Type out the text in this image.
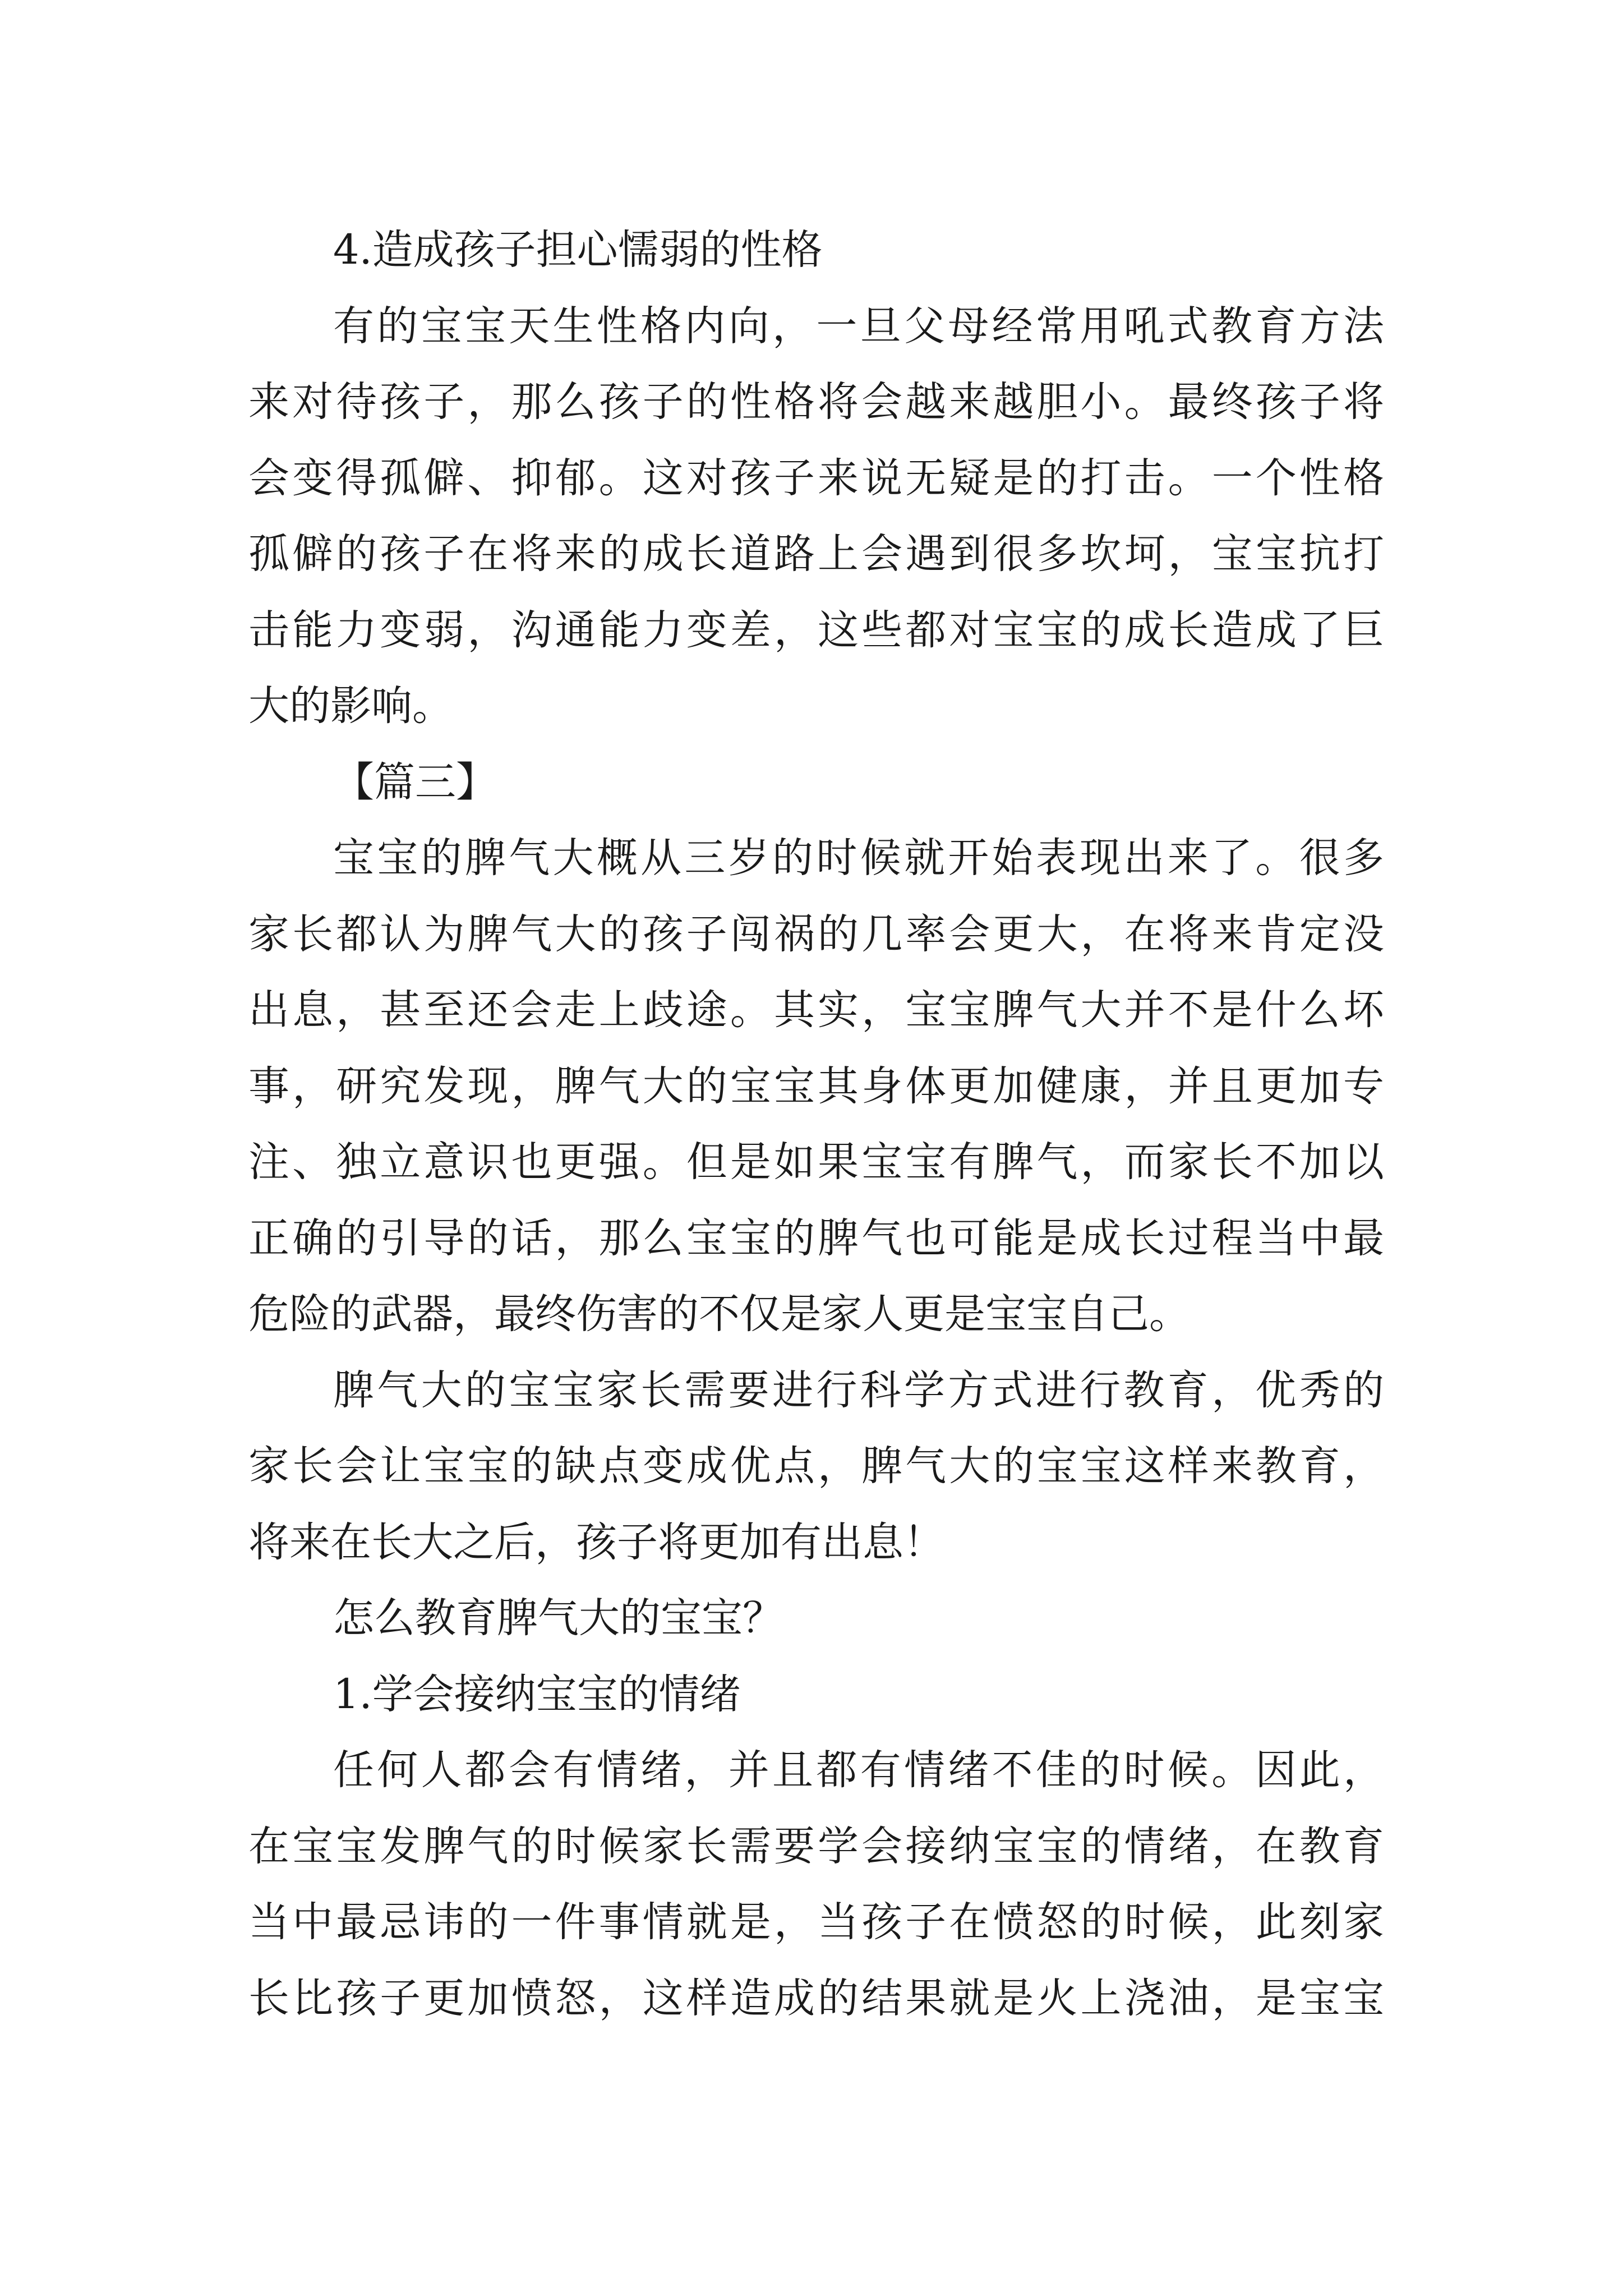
4.造成孩子担心懦弱的性格
有的宝宝天生性格内向，一旦父母经常用吼式教育方法
来对待孩子，那么孩子的性格将会越来越胆小。最终孩子将
会变得孤僻、抑郁。这对孩子来说无疑是的打击。一个性格
孤僻的孩子在将来的成长道路上会遇到很多坎坷，宝宝抗打
击能力变弱，沟通能力变差，这些都对宝宝的成长造成了巨
大的影响。
【篇三】
宝宝的脾气大概从三岁的时候就开始表现出来了。很多
家长都认为脾气大的孩子闯祸的几率会更大，在将来肯定没
出息，甚至还会走上歧途。其实，宝宝脾气大并不是什么坏
事，研究发现，脾气大的宝宝其身体更加健康，并且更加专
注、独立意识也更强。但是如果宝宝有脾气，而家长不加以
正确的引导的话，那么宝宝的脾气也可能是成长过程当中最
危险的武器，最终伤害的不仅是家人更是宝宝自己。
脾气大的宝宝家长需要进行科学方式进行教育，优秀的
家长会让宝宝的缺点变成优点，脾气大的宝宝这样来教育，
将来在长大之后，孩子将更加有出息！
怎么教育脾气大的宝宝？
1.学会接纳宝宝的情绪
任何人都会有情绪，并且都有情绪不佳的时候。因此，
在宝宝发脾气的时候家长需要学会接纳宝宝的情绪，在教育
当中最忌讳的一件事情就是，当孩子在愤怒的时候，此刻家
长比孩子更加愤怒，这样造成的结果就是火上浇油，是宝宝
